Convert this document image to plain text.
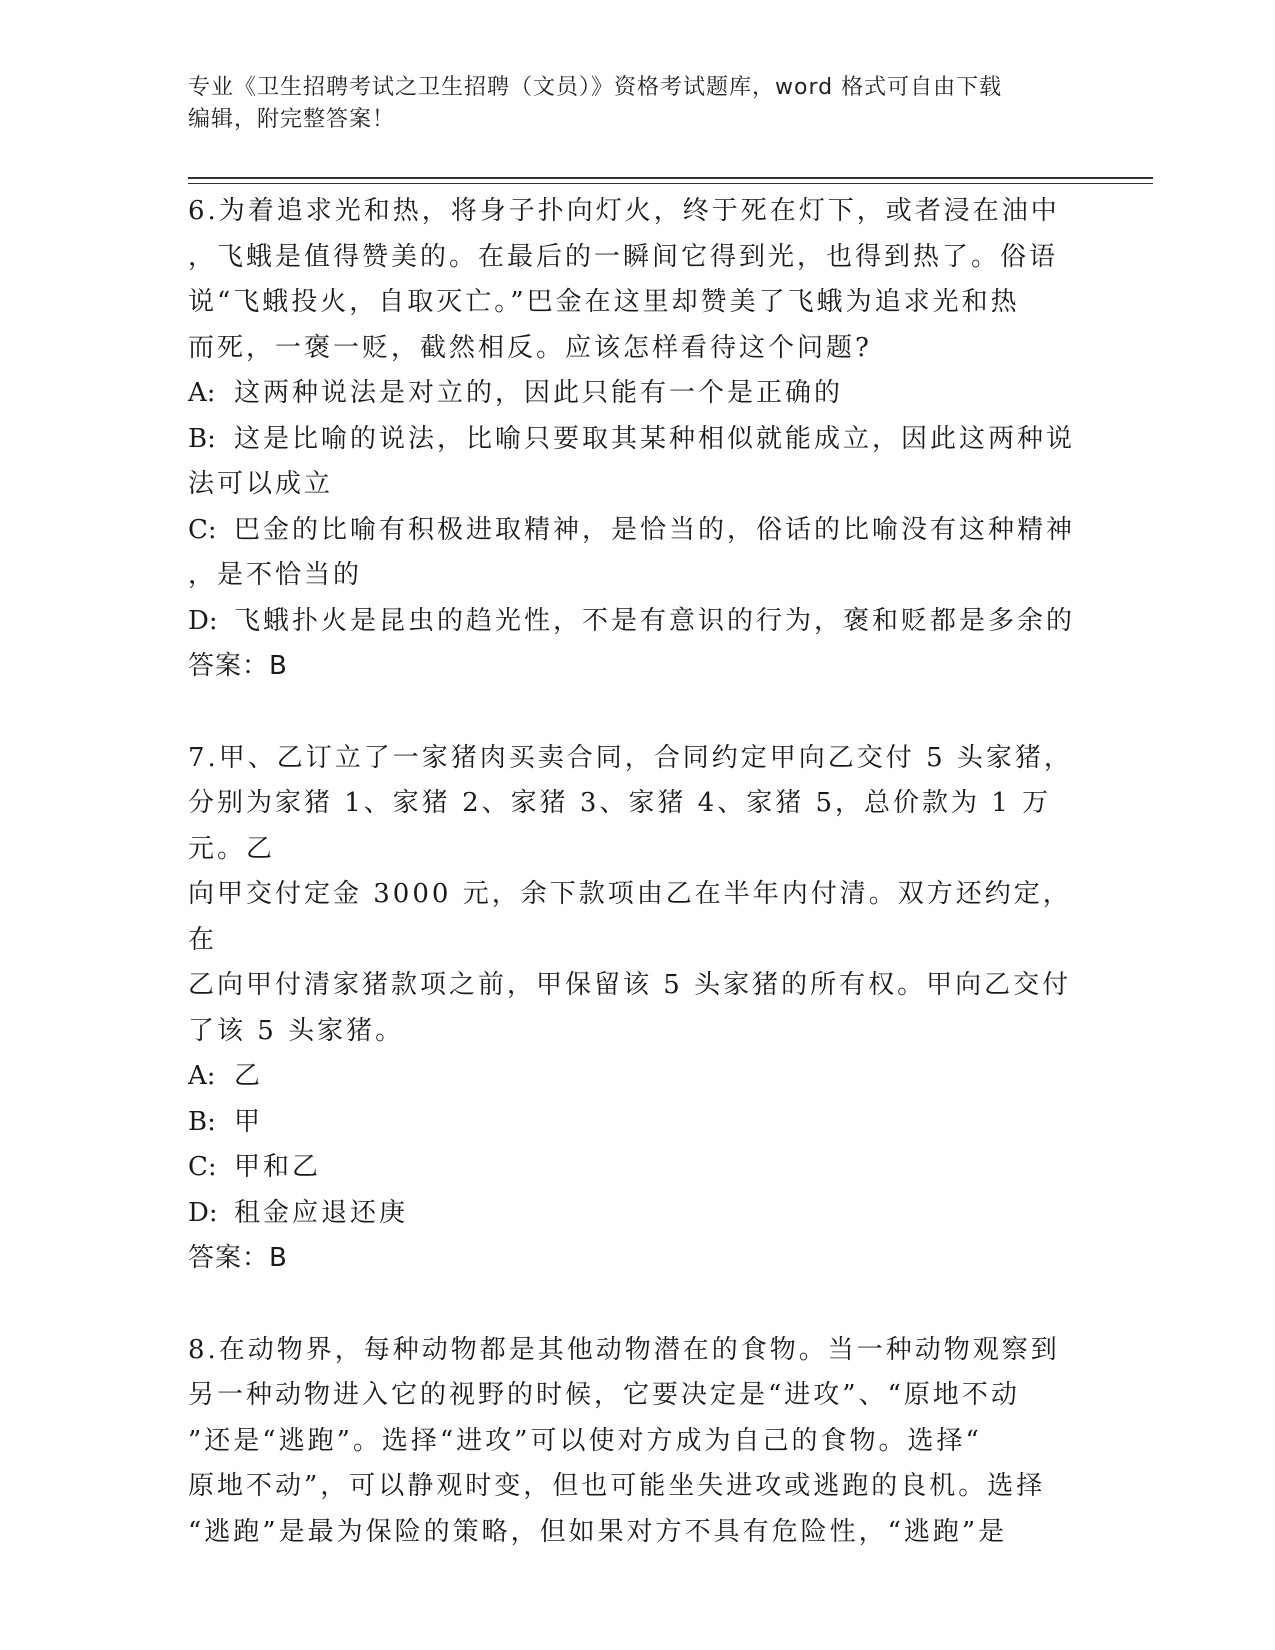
专业《卫生招聘考试之卫生招聘（文员）》资格考试题库，word 格式可自由下载
编辑，附完整答案！

6.为着追求光和热，将身子扑向灯火，终于死在灯下，或者浸在油中

，飞蛾是值得赞美的。在最后的一瞬间它得到光，也得到热了。俗语

说“飞蛾投火，自取灭亡。”巴金在这里却赞美了飞蛾为追求光和热

而死，一褒一贬，截然相反。应该怎样看待这个问题?

A: 这两种说法是对立的，因此只能有一个是正确的

B: 这是比喻的说法，比喻只要取其某种相似就能成立，因此这两种说

法可以成立

C: 巴金的比喻有积极进取精神，是恰当的，俗话的比喻没有这种精神

，是不恰当的

D: 飞蛾扑火是昆虫的趋光性，不是有意识的行为，褒和贬都是多余的

答案：B

7.甲、乙订立了一家猪肉买卖合同，合同约定甲向乙交付 5 头家猪，

分别为家猪 1、家猪 2、家猪 3、家猪 4、家猪 5，总价款为 1 万元。乙

向甲交付定金 3000 元，余下款项由乙在半年内付清。双方还约定，在

乙向甲付清家猪款项之前，甲保留该 5 头家猪的所有权。甲向乙交付

了该 5 头家猪。

A: 乙

B: 甲

C: 甲和乙

D: 租金应退还庚

答案：B

8.在动物界，每种动物都是其他动物潜在的食物。当一种动物观察到

另一种动物进入它的视野的时候，它要决定是“进攻”、“原地不动

”还是“逃跑”。选择“进攻”可以使对方成为自己的食物。选择“

原地不动”，可以静观时变，但也可能坐失进攻或逃跑的良机。选择

“逃跑”是最为保险的策略，但如果对方不具有危险性，“逃跑”是
